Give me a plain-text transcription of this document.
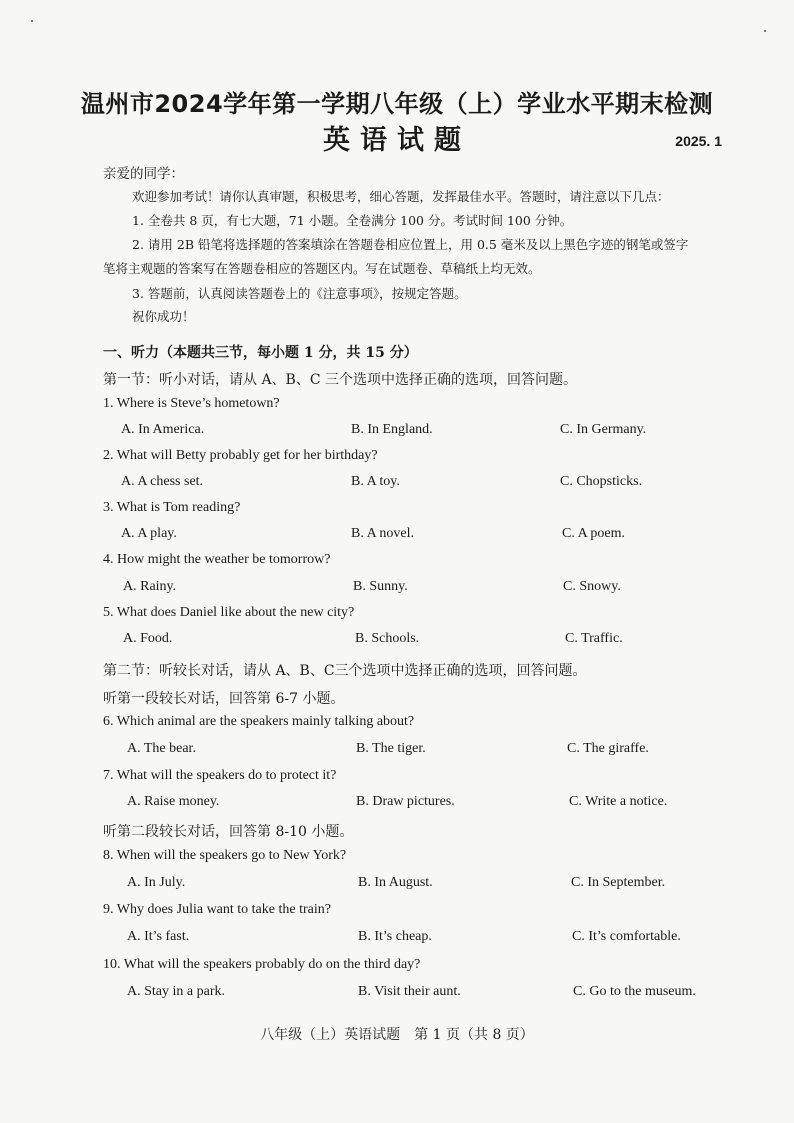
温州市2024学年第一学期八年级（上）学业水平期末检测
英语试题	2025. 1
亲爱的同学：
欢迎参加考试！请你认真审题，积极思考，细心答题，发挥最佳水平。答题时，请注意以下几点：
1. 全卷共 8 页，有七大题，71 小题。全卷满分 100 分。考试时间 100 分钟。
2. 请用 2B 铅笔将选择题的答案填涂在答题卷相应位置上，用 0.5 毫米及以上黑色字迹的钢笔或签字
笔将主观题的答案写在答题卷相应的答题区内。写在试题卷、草稿纸上均无效。
3. 答题前，认真阅读答题卷上的《注意事项》，按规定答题。
祝你成功！
一、听力（本题共三节，每小题 1 分，共 15 分）
第一节：听小对话，请从 A、B、C 三个选项中选择正确的选项，回答问题。
1. Where is Steve’s hometown?
A. In America.	B. In England.	C. In Germany.
2. What will Betty probably get for her birthday?
A. A chess set.	B. A toy.	C. Chopsticks.
3. What is Tom reading?
A. A play.	B. A novel.	C. A poem.
4. How might the weather be tomorrow?
A. Rainy.	B. Sunny.	C. Snowy.
5. What does Daniel like about the new city?
A. Food.	B. Schools.	C. Traffic.
第二节：听较长对话，请从 A、B、C三个选项中选择正确的选项，回答问题。
听第一段较长对话，回答第 6-7 小题。
6. Which animal are the speakers mainly talking about?
A. The bear.	B. The tiger.	C. The giraffe.
7. What will the speakers do to protect it?
A. Raise money.	B. Draw pictures.	C. Write a notice.
听第二段较长对话，回答第 8-10 小题。
8. When will the speakers go to New York?
A. In July.	B. In August.	C. In September.
9. Why does Julia want to take the train?
A. It’s fast.	B. It’s cheap.	C. It’s comfortable.
10. What will the speakers probably do on the third day?
A. Stay in a park.	B. Visit their aunt.	C. Go to the museum.
八年级（上）英语试题　第 1 页（共 8 页）
